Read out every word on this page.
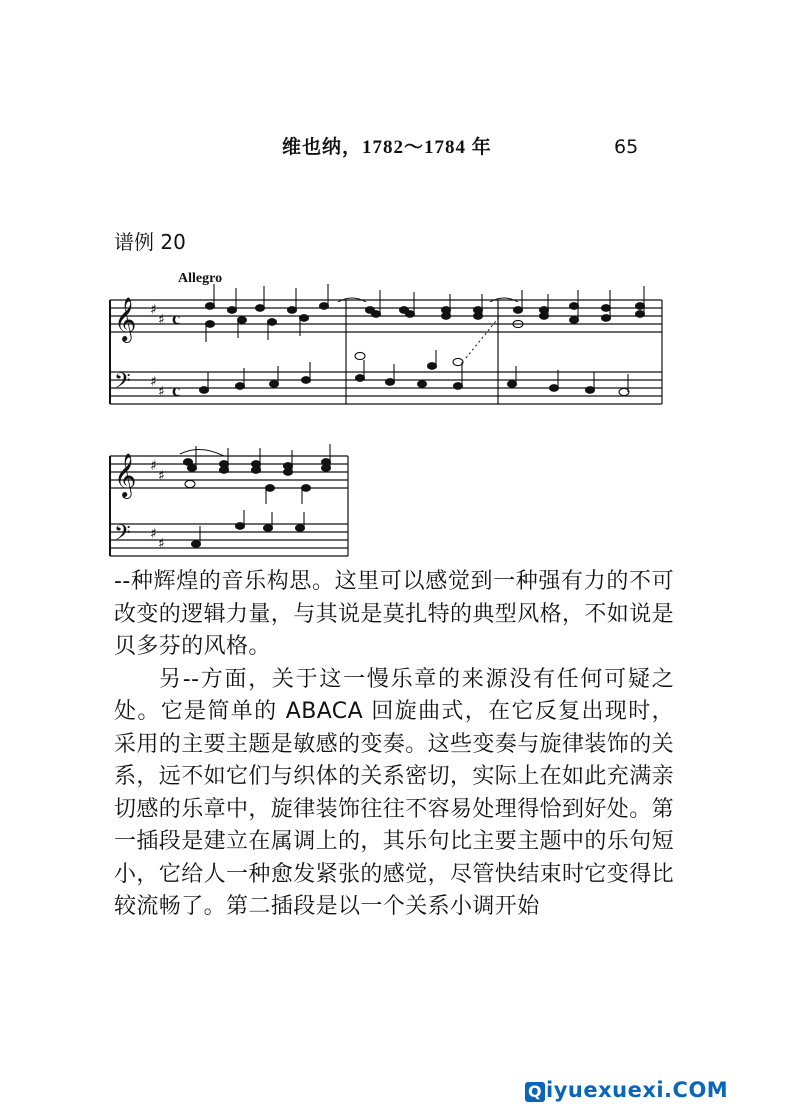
维也纳，1782～1784 年	65
谱例 20
Allegro
𝄞
𝄢
♯
♯
♯
♯
c
c
𝄞
𝄢
♯
♯
♯
♯

--种辉煌的音乐构思。这里可以感觉到一种强有力的不可改变的逻辑力量，与其说是莫扎特的典型风格，不如说是贝多芬的风格。

另--方面，关于这一慢乐章的来源没有任何可疑之处。它是简单的 ABACA 回旋曲式，在它反复出现时，采用的主要主题是敏感的变奏。这些变奏与旋律装饰的关系，远不如它们与织体的关系密切，实际上在如此充满亲切感的乐章中，旋律装饰往往不容易处理得恰到好处。第一插段是建立在属调上的，其乐句比主要主题中的乐句短小，它给人一种愈发紧张的感觉，尽管快结束时它变得比较流畅了。第二插段是以一个关系小调开始

Q iyuexuexi.COM
